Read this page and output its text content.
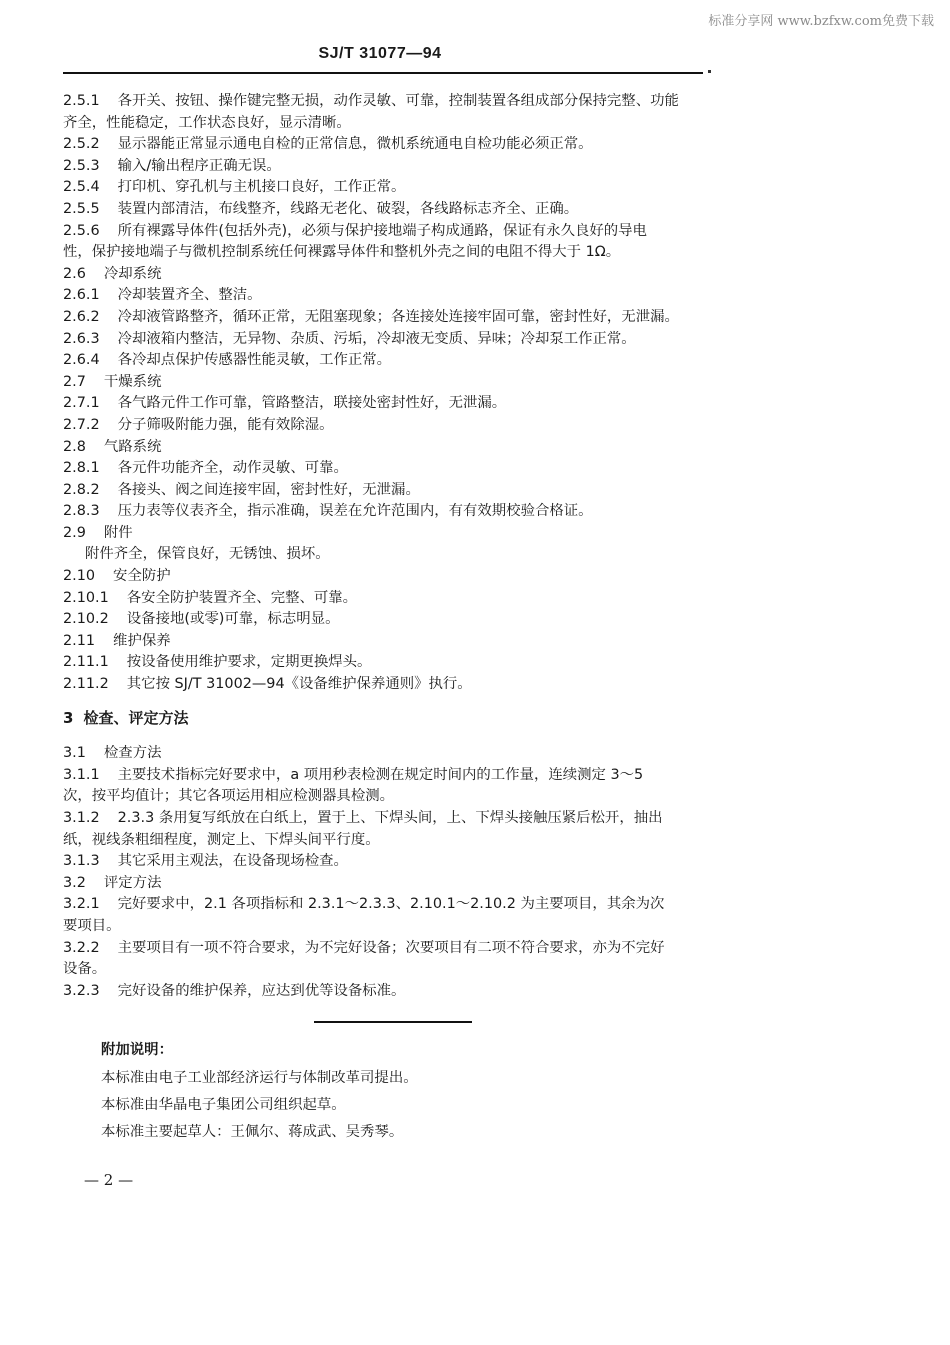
标准分享网 www.bzfxw.com免费下载
SJ/T 31077—94
2.5.1 各开关、按钮、操作键完整无损，动作灵敏、可靠，控制装置各组成部分保持完整、功能
齐全，性能稳定，工作状态良好，显示清晰。
2.5.2 显示器能正常显示通电自检的正常信息，微机系统通电自检功能必须正常。
2.5.3 输入/输出程序正确无误。
2.5.4 打印机、穿孔机与主机接口良好，工作正常。
2.5.5 装置内部清洁，布线整齐，线路无老化、破裂，各线路标志齐全、正确。
2.5.6 所有裸露导体件(包括外壳)，必须与保护接地端子构成通路，保证有永久良好的导电
性，保护接地端子与微机控制系统任何裸露导体件和整机外壳之间的电阻不得大于 1Ω。
2.6 冷却系统
2.6.1 冷却装置齐全、整洁。
2.6.2 冷却液管路整齐，循环正常，无阻塞现象；各连接处连接牢固可靠，密封性好，无泄漏。
2.6.3 冷却液箱内整洁，无异物、杂质、污垢，冷却液无变质、异味；冷却泵工作正常。
2.6.4 各冷却点保护传感器性能灵敏，工作正常。
2.7 干燥系统
2.7.1 各气路元件工作可靠，管路整洁，联接处密封性好，无泄漏。
2.7.2 分子筛吸附能力强，能有效除湿。
2.8 气路系统
2.8.1 各元件功能齐全，动作灵敏、可靠。
2.8.2 各接头、阀之间连接牢固，密封性好，无泄漏。
2.8.3 压力表等仪表齐全，指示准确，误差在允许范围内，有有效期校验合格证。
2.9 附件
附件齐全，保管良好，无锈蚀、损坏。
2.10 安全防护
2.10.1 各安全防护装置齐全、完整、可靠。
2.10.2 设备接地(或零)可靠，标志明显。
2.11 维护保养
2.11.1 按设备使用维护要求，定期更换焊头。
2.11.2 其它按 SJ/T 31002—94《设备维护保养通则》执行。
3 检查、评定方法
3.1 检查方法
3.1.1 主要技术指标完好要求中，a 项用秒表检测在规定时间内的工作量，连续测定 3～5
次，按平均值计；其它各项运用相应检测器具检测。
3.1.2 2.3.3 条用复写纸放在白纸上，置于上、下焊头间，上、下焊头接触压紧后松开，抽出
纸，视线条粗细程度，测定上、下焊头间平行度。
3.1.3 其它采用主观法，在设备现场检查。
3.2 评定方法
3.2.1 完好要求中，2.1 各项指标和 2.3.1～2.3.3、2.10.1～2.10.2 为主要项目，其余为次
要项目。
3.2.2 主要项目有一项不符合要求，为不完好设备；次要项目有二项不符合要求，亦为不完好
设备。
3.2.3 完好设备的维护保养，应达到优等设备标准。
附加说明：
本标准由电子工业部经济运行与体制改革司提出。
本标准由华晶电子集团公司组织起草。
本标准主要起草人：王佩尔、蒋成武、吴秀琴。
— 2 —
